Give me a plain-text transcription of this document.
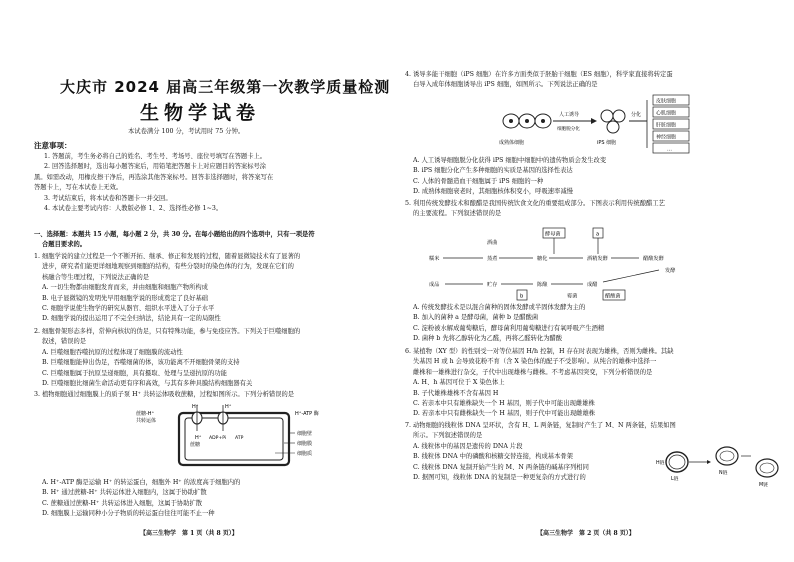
大庆市 2024 届高三年级第一次教学质量检测
生物学试卷
本试卷满分 100 分，考试用时 75 分钟。
注意事项：
1. 答题前，考生务必将自己的姓名、考生号、考场号、座位号填写在答题卡上。
2. 回答选择题时，选出每小题答案后，用铅笔把答题卡上对应题目的答案标号涂
黑。如需改动，用橡皮擦干净后，再选涂其他答案标号。回答非选择题时，将答案写在
答题卡上，写在本试卷上无效。
3. 考试结束后，将本试卷和答题卡一并交回。
4. 本试卷主要考试内容：人教版必修 1、2、选择性必修 1~3。
一、选择题：本题共 15 小题，每小题 2 分，共 30 分。在每小题给出的四个选项中，只有一项是符
合题目要求的。
1. 细胞学说的建立过程是一个不断开拓、继承、修正和发展的过程，随着显微镜技术有了显著的
进步，研究者们能更详细地观察到细胞的结构，有些分裂时的染色体的行为，发现在它们的
核融合等生理过程，下列说法正确的是
A. 一切生物都由细胞发育而来，并由细胞和细胞产物所构成
B. 电子显微镜的发明先早用细胞学说的形成奠定了良好基础
C. 细胞学说使生物学的研究从器官、组织水平进入了分子水平
D. 细胞学说的提出运用了不完全归纳法，结论具有一定的局限性
2. 细胞骨架形态多样，常伸向核状的伪足，只有特殊功能，参与免疫应答。下列关于巨噬细胞的
叙述，错误的是
A. 巨噬细胞吞噬抗原的过程体现了细胞膜的流动性
B. 巨噬细胞能伸出伪足，吞噬细菌的体，该功能离不开细胞骨架的支持
C. 巨噬细胞属于抗原呈递细胞，具有摄取、处理与呈递抗原的功能
D. 巨噬细胞比细菌生命活动更有序和高效，与其有多种具膜结构细胞器有关
3. 植物细胞通过细胞膜上的质子泵 H⁺ 共转运体吸收蔗糖，过程如图所示。下列分析错误的是
H⁺	H⁺
H⁺
蔗糖
ADP+Pi ATP
蔗糖-H⁺
共转运体
H⁺-ATP 酶
细胞壁
细胞膜
细胞质
A. H⁺-ATP 酶是运输 H⁺ 的转运蛋白，细胞外 H⁺ 的浓度高于细胞内的
B. H⁺ 通过蔗糖-H⁺ 共转运体进入细胞内，这属于协助扩散
C. 蔗糖通过蔗糖-H⁺ 共转运体进入细胞，这属于协助扩散
D. 细胞膜上运输同种小分子物质的转运蛋白往往可能不止一种
【高三生物学　第 1 页（共 8 页）】
4. 诱导多能干细胞（iPS 细胞）在许多方面类似于胚胎干细胞（ES 细胞），科学家直接将转定蛋
白导入成年体细胞诱导出 iPS 细胞，如图所示。下列说法正确的是
成熟体细胞
人工诱导
细胞脱分化
iPS 细胞
分化
皮肤细胞
心肌细胞
肝脏细胞
神经细胞
…
A. 人工诱导细胞脱分化获得 iPS 细胞中细胞中的遗传物质会发生改变
B. iPS 细胞分化产生多种细胞的实质是基因的选择性表达
C. 人体的骨髓造血干细胞属于 iPS 细胞的一种
D. 成熟体细胞衰老时，其细胞核体积变小，呼吸速率减慢
5. 利用传统发酵技术和酿醋是我国传统饮食文化的重要组成部分。下图表示利用传统酿醋工艺
的主要流程。下列叙述错误的是
酵母菌	a
糯米	蒸煮	糖化	酒精发酵	醋酸发酵
酒曲
发酵
成品	贮存	陈酿	成醋
b	醋酸菌
霉菌
A. 传统发酵技术是以混合菌种的固体发酵或半固体发酵为主的
B. 加入的菌种 a 是酵母菌，菌种 b 是醋酸菌
C. 淀粉被水解成葡萄糖后，酵母菌利用葡萄糖进行有氧呼吸产生酒精
D. 菌种 b 先将乙醇转化为乙醛，再将乙醛转化为醋酸
6. 某植物（XY 型）的性别受一对等位基因 H/h 控制，H 存在时表现为雄株，否则为雌株。其缺
失基因 H 或 h 会导致花粉不育（含 X 染色体的配子不受影响）。从纯合的雄株中选择一
雌株和一雄株进行杂交，子代中出现雄株与雌株。不考虑基因突变，下列分析错误的是
A. H、h 基因可位于 X 染色体上
B. 子代雄株雄株不含有基因 H
C. 若亲本中只有雄株缺失一个 H 基因，则子代中可能出现雌雄株
D. 若亲本中只有雌株缺失一个 H 基因，则子代中可能出现雌雄株
7. 动物细胞的线粒体 DNA 呈环状，含有 H、L 两条链，复制时产生了 M、N 两条链，结果如图
所示。下列叙述错误的是
A. 线粒体中的基因是遗传的 DNA 片段
B. 线粒体 DNA 中的磷酸和核糖交替连接，构成基本骨架
C. 线粒体 DNA 复制开始产生的 M、N 两条链的碱基序列相同
D. 据图可知，线粒体 DNA 的复制是一种更复杂的方式进行的
H链
L链
N链
M链
【高三生物学　第 2 页（共 8 页）】
